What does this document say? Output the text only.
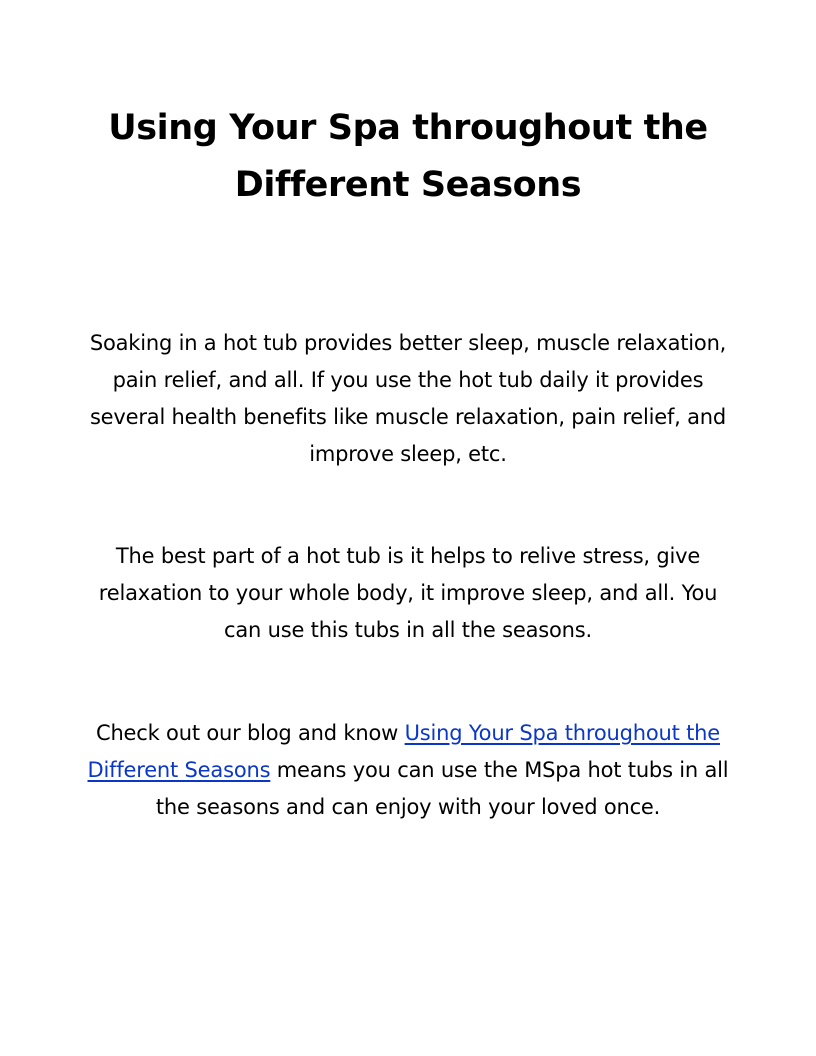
Using Your Spa throughout the Different Seasons

Soaking in a hot tub provides better sleep, muscle relaxation, pain relief, and all. If you use the hot tub daily it provides several health benefits like muscle relaxation, pain relief, and improve sleep, etc.

The best part of a hot tub is it helps to relive stress, give relaxation to your whole body, it improve sleep, and all. You can use this tubs in all the seasons.

Check out our blog and know Using Your Spa throughout the Different Seasons means you can use the MSpa hot tubs in all the seasons and can enjoy with your loved once.
